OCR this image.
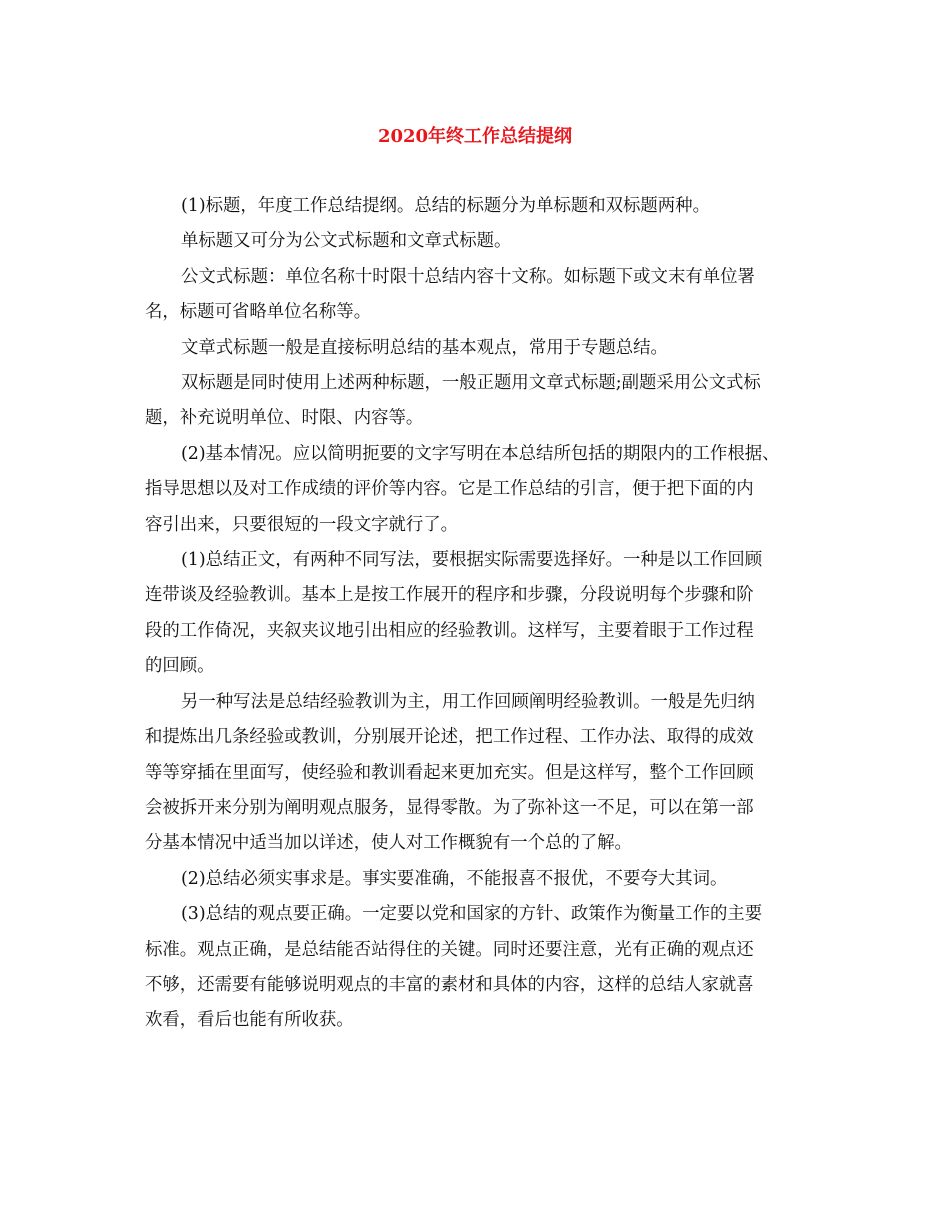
2020年终工作总结提纲

(1)标题，年度工作总结提纲。总结的标题分为单标题和双标题两种。

单标题又可分为公文式标题和文章式标题。

公文式标题：单位名称十时限十总结内容十文称。如标题下或文末有单位署
名，标题可省略单位名称等。

文章式标题一般是直接标明总结的基本观点，常用于专题总结。

双标题是同时使用上述两种标题，一般正题用文章式标题;副题采用公文式标
题，补充说明单位、时限、内容等。

(2)基本情况。应以简明扼要的文字写明在本总结所包括的期限内的工作根据、
指导思想以及对工作成绩的评价等内容。它是工作总结的引言，便于把下面的内
容引出来，只要很短的一段文字就行了。

(1)总结正文，有两种不同写法，要根据实际需要选择好。一种是以工作回顾
连带谈及经验教训。基本上是按工作展开的程序和步骤，分段说明每个步骤和阶
段的工作倚况，夹叙夹议地引出相应的经验教训。这样写，主要着眼于工作过程
的回顾。

另一种写法是总结经验教训为主，用工作回顾阐明经验教训。一般是先归纳
和提炼出几条经验或教训，分别展开论述，把工作过程、工作办法、取得的成效
等等穿插在里面写，使经验和教训看起来更加充实。但是这样写，整个工作回顾
会被拆开来分别为阐明观点服务，显得零散。为了弥补这一不足，可以在第一部
分基本情况中适当加以详述，使人对工作概貌有一个总的了解。

(2)总结必须实事求是。事实要准确，不能报喜不报优，不要夸大其词。

(3)总结的观点要正确。一定要以党和国家的方针、政策作为衡量工作的主要
标准。观点正确，是总结能否站得住的关键。同时还要注意，光有正确的观点还
不够，还需要有能够说明观点的丰富的素材和具体的内容，这样的总结人家就喜
欢看，看后也能有所收获。
